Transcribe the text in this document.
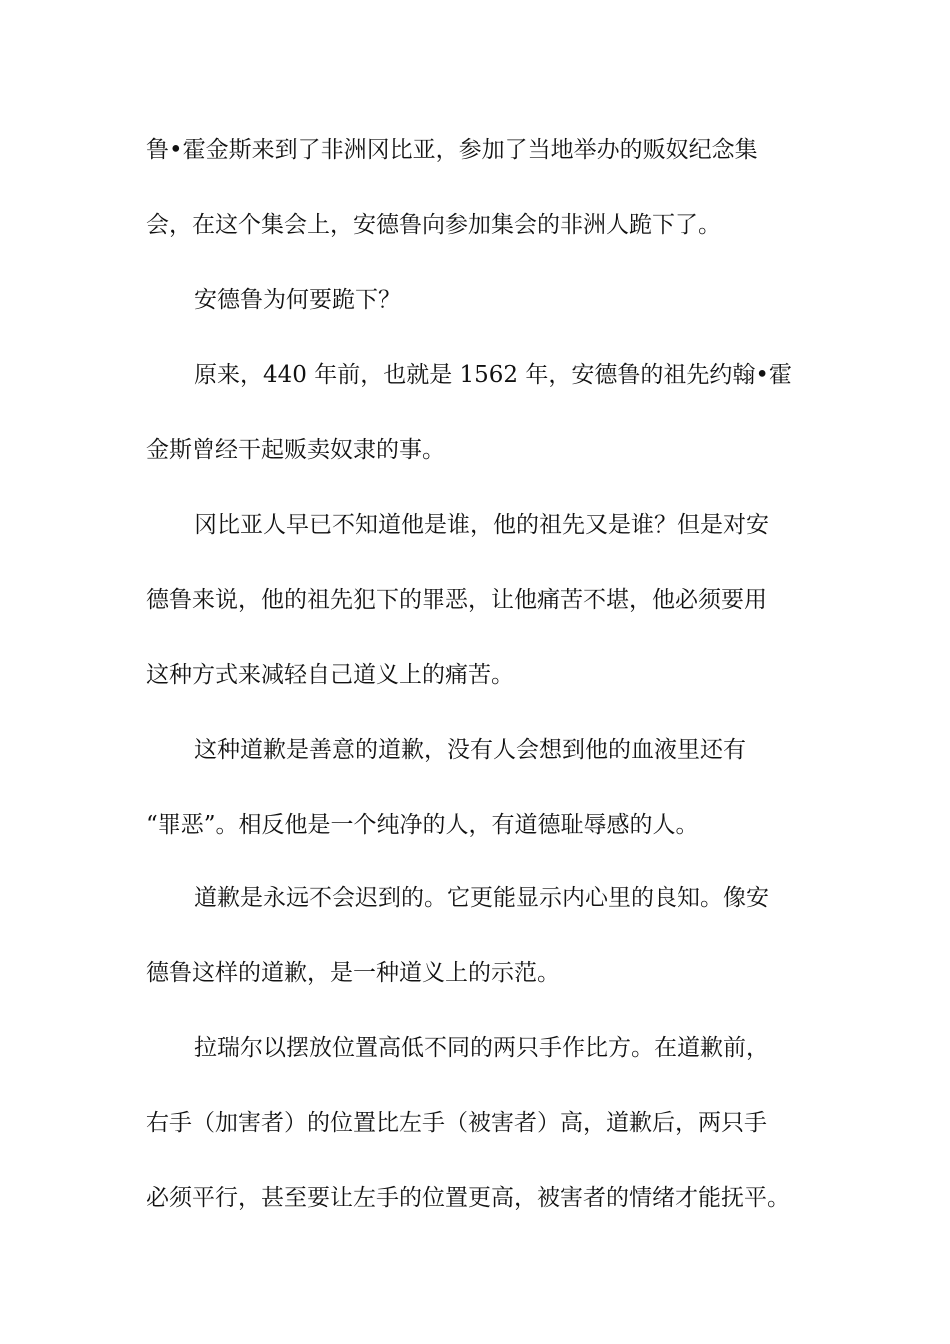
鲁•霍金斯来到了非洲冈比亚，参加了当地举办的贩奴纪念集
会，在这个集会上，安德鲁向参加集会的非洲人跪下了。
安德鲁为何要跪下？
原来，440 年前，也就是 1562 年，安德鲁的祖先约翰•霍
金斯曾经干起贩卖奴隶的事。
冈比亚人早已不知道他是谁，他的祖先又是谁？但是对安
德鲁来说，他的祖先犯下的罪恶，让他痛苦不堪，他必须要用
这种方式来减轻自己道义上的痛苦。
这种道歉是善意的道歉，没有人会想到他的血液里还有
“罪恶”。相反他是一个纯净的人，有道德耻辱感的人。
道歉是永远不会迟到的。它更能显示内心里的良知。像安
德鲁这样的道歉，是一种道义上的示范。
拉瑞尔以摆放位置高低不同的两只手作比方。在道歉前，
右手（加害者）的位置比左手（被害者）高，道歉后，两只手
必须平行，甚至要让左手的位置更高，被害者的情绪才能抚平。
